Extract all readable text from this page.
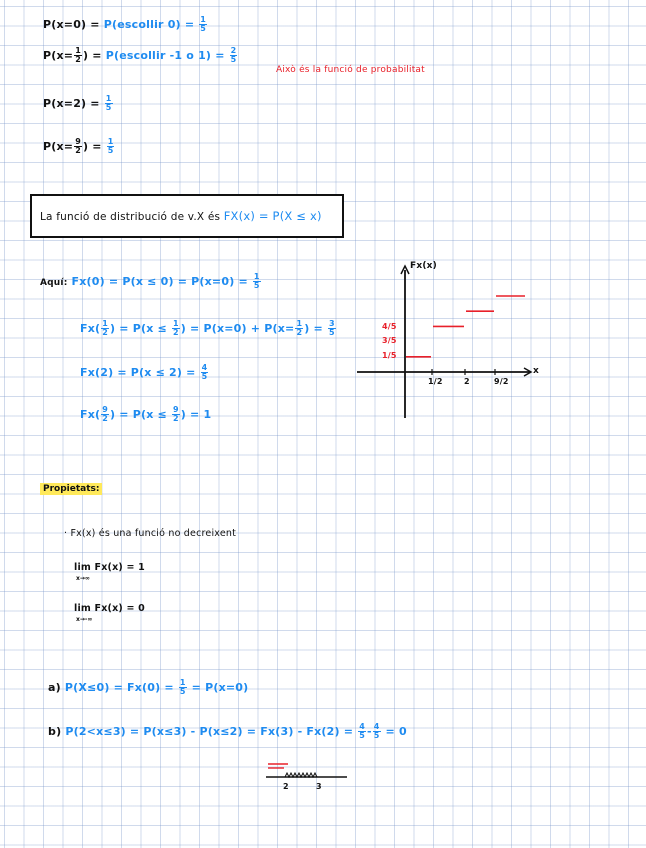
P(x=0) = P(escollir $0) = \frac{1}{5}$
$P(x= \frac{1}{2}$ ) = P(escollir -1 o $1) = \frac{2}{5}$
Això és la funció de probabilitat
$P(x=2) = \frac{1}{5}$
$P(x= \frac{9}{2}$ ) = $\frac{1}{5}$
La funció de distribució de v.X és FX(x) = P(X ≤ x)
Aquí: $Fx(0) = P(x \le 0) = P(x=0) = \frac{1}{5}$
$Fx( \frac{1}{2}$ ) = $P(x \le \frac{1}{2}$ ) = $P(x=0) + P(x= \frac{1}{2}$ ) = $\frac{3}{5}$
$Fx(2) = P(x \le 2) = \frac{4}{5}$
$Fx( \frac{9}{2}$ ) = $P(x \le \frac{9}{2}$ ) = 1
Fx(x)
x
4/5
3/5
1/5
1/2	2	9/2
Propietats:
· Fx(x) és una funció no decreixent
lim Fx(x) = 1
x→∞
lim Fx(x) = 0
x→-∞
a) $P(X\le 0) = Fx(0) = \frac{1}{5} = P(x=0)$
b) $P(2<x\le 3) = P(x\le 3) - P(x\le 2) = Fx(3) - Fx(2) = \frac{4}{5} - \frac{4}{5} = 0$
2	3
